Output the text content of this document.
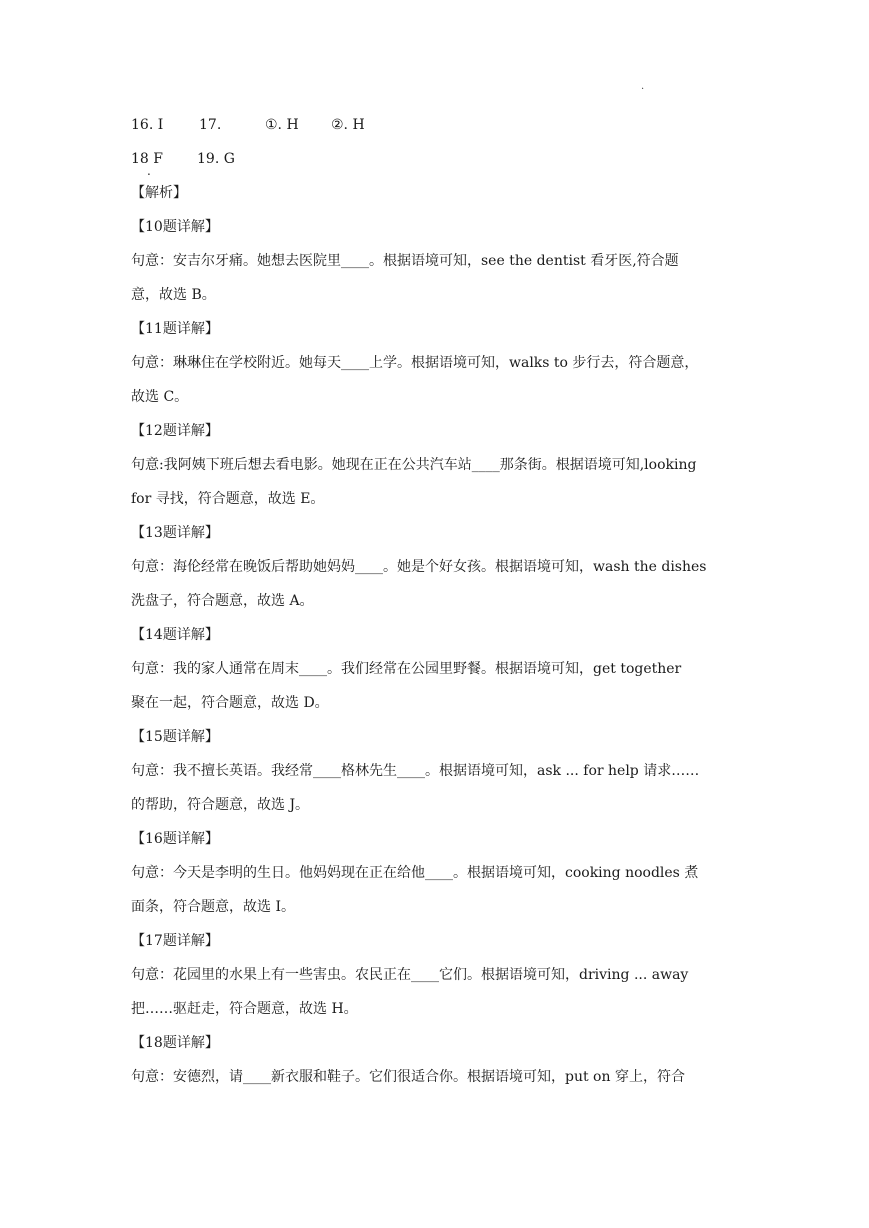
.
16. I	17.	①. H ②. H
18 F 19. G
【解析】
【10题详解】
句意：安吉尔牙痛。她想去医院里____。根据语境可知，see the dentist 看牙医,符合题
意，故选 B。
【11题详解】
句意：琳琳住在学校附近。她每天____上学。根据语境可知，walks to 步行去，符合题意，
故选 C。
【12题详解】
句意:我阿姨下班后想去看电影。她现在正在公共汽车站____那条街。根据语境可知,looking
for 寻找，符合题意，故选 E。
【13题详解】
句意：海伦经常在晚饭后帮助她妈妈____。她是个好女孩。根据语境可知，wash the dishes
洗盘子，符合题意，故选 A。
【14题详解】
句意：我的家人通常在周末____。我们经常在公园里野餐。根据语境可知，get together
聚在一起，符合题意，故选 D。
【15题详解】
句意：我不擅长英语。我经常____格林先生____。根据语境可知，ask ... for help 请求……
的帮助，符合题意，故选 J。
【16题详解】
句意：今天是李明的生日。他妈妈现在正在给他____。根据语境可知，cooking noodles 煮
面条，符合题意，故选 I。
【17题详解】
句意：花园里的水果上有一些害虫。农民正在____它们。根据语境可知，driving ... away
把……驱赶走，符合题意，故选 H。
【18题详解】
句意：安德烈，请____新衣服和鞋子。它们很适合你。根据语境可知，put on 穿上，符合
.
